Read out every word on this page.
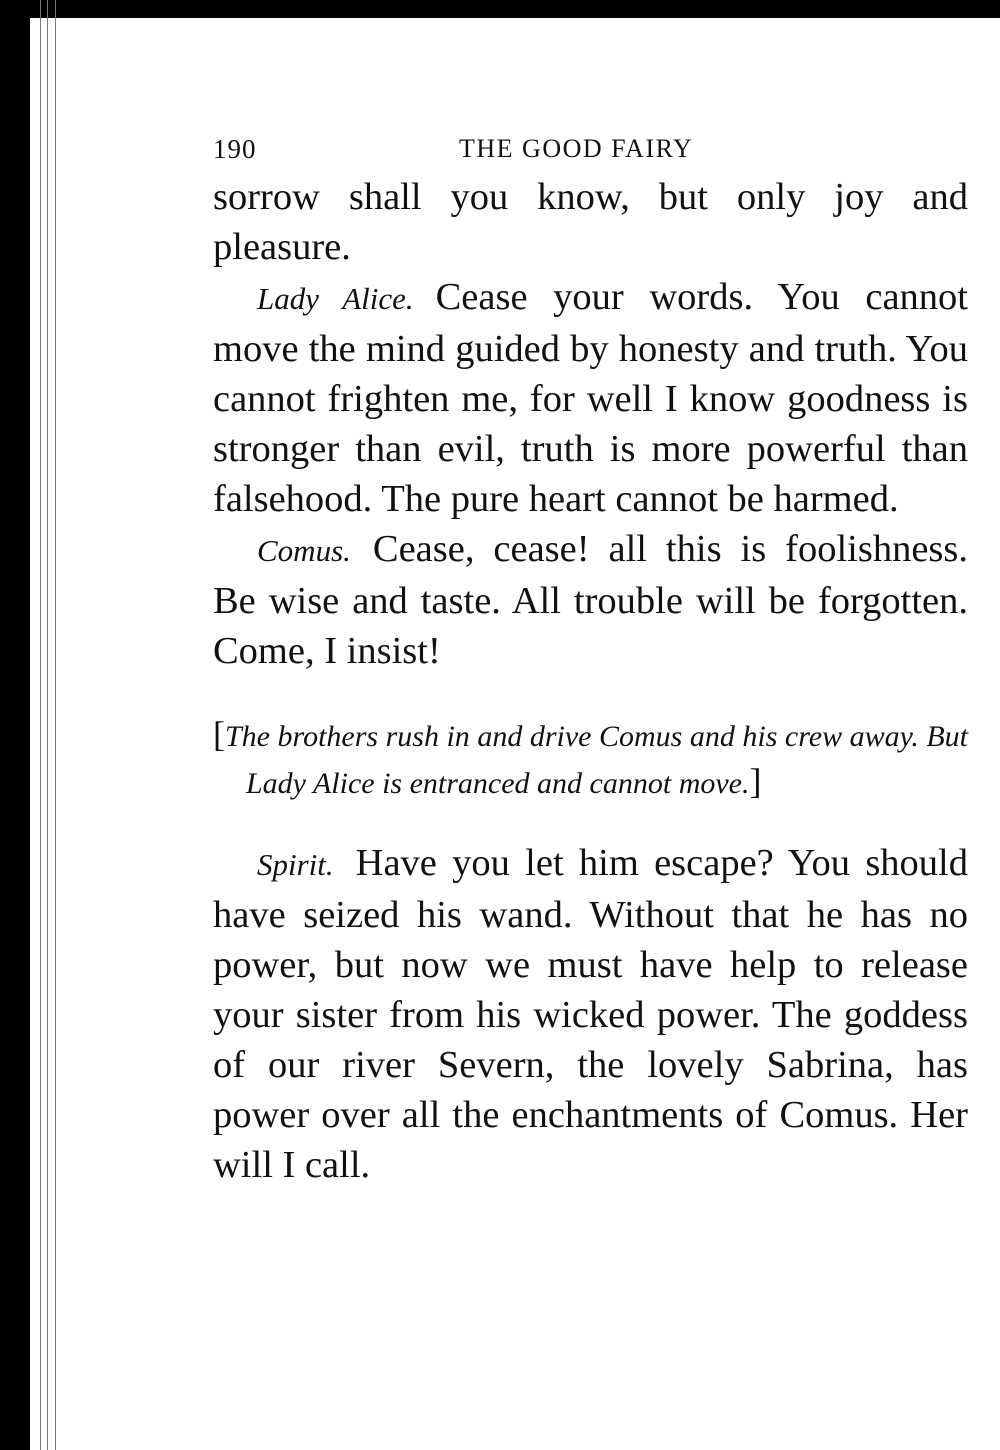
190	THE GOOD FAIRY

sorrow shall you know, but only joy and pleasure.

Lady Alice. Cease your words. You cannot move the mind guided by honesty and truth. You cannot frighten me, for well I know goodness is stronger than evil, truth is more powerful than falsehood. The pure heart cannot be harmed.

Comus. Cease, cease! all this is foolishness. Be wise and taste. All trouble will be forgotten. Come, I insist!

[The brothers rush in and drive Comus and his crew away. But Lady Alice is entranced and cannot move.]

Spirit. Have you let him escape? You should have seized his wand. Without that he has no power, but now we must have help to release your sister from his wicked power. The goddess of our river Severn, the lovely Sabrina, has power over all the enchantments of Comus. Her will I call.
